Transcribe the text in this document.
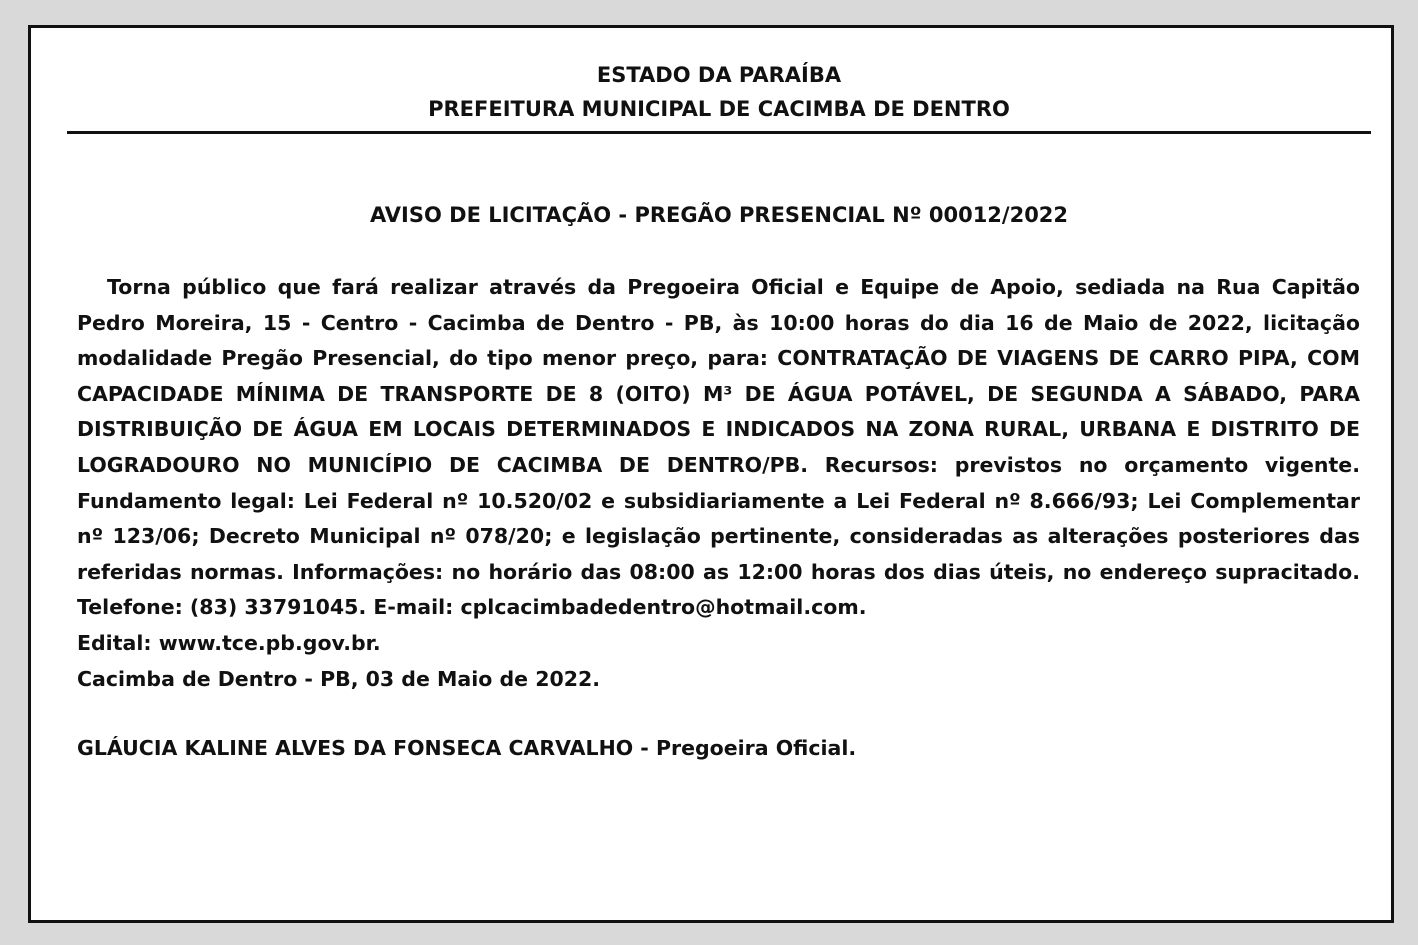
ESTADO DA PARAÍBA
PREFEITURA MUNICIPAL DE CACIMBA DE DENTRO
AVISO DE LICITAÇÃO - PREGÃO PRESENCIAL Nº 00012/2022

Torna público que fará realizar através da Pregoeira Oficial e Equipe de Apoio, sediada na Rua Capitão Pedro Moreira, 15 - Centro - Cacimba de Dentro - PB, às 10:00 horas do dia 16 de Maio de 2022, licitação modalidade Pregão Presencial, do tipo menor preço, para: CONTRATAÇÃO DE VIAGENS DE CARRO PIPA, COM CAPACIDADE MÍNIMA DE TRANSPORTE DE 8 (OITO) M³ DE ÁGUA POTÁVEL, DE SEGUNDA A SÁBADO, PARA DISTRIBUIÇÃO DE ÁGUA EM LOCAIS DETERMINADOS E INDICADOS NA ZONA RURAL, URBANA E DISTRITO DE LOGRADOURO NO MUNICÍPIO DE CACIMBA DE DENTRO/PB. Recursos: previstos no orçamento vigente. Fundamento legal: Lei Federal nº 10.520/02 e subsidiariamente a Lei Federal nº 8.666/93; Lei Complementar nº 123/06; Decreto Municipal nº 078/20; e legislação pertinente, consideradas as alterações posteriores das referidas normas. Informações: no horário das 08:00 as 12:00 horas dos dias úteis, no endereço supracitado. Telefone: (83) 33791045. E-mail: cplcacimbadedentro@hotmail.com.

Edital: www.tce.pb.gov.br.

Cacimba de Dentro - PB, 03 de Maio de 2022.

GLÁUCIA KALINE ALVES DA FONSECA CARVALHO - Pregoeira Oficial.
